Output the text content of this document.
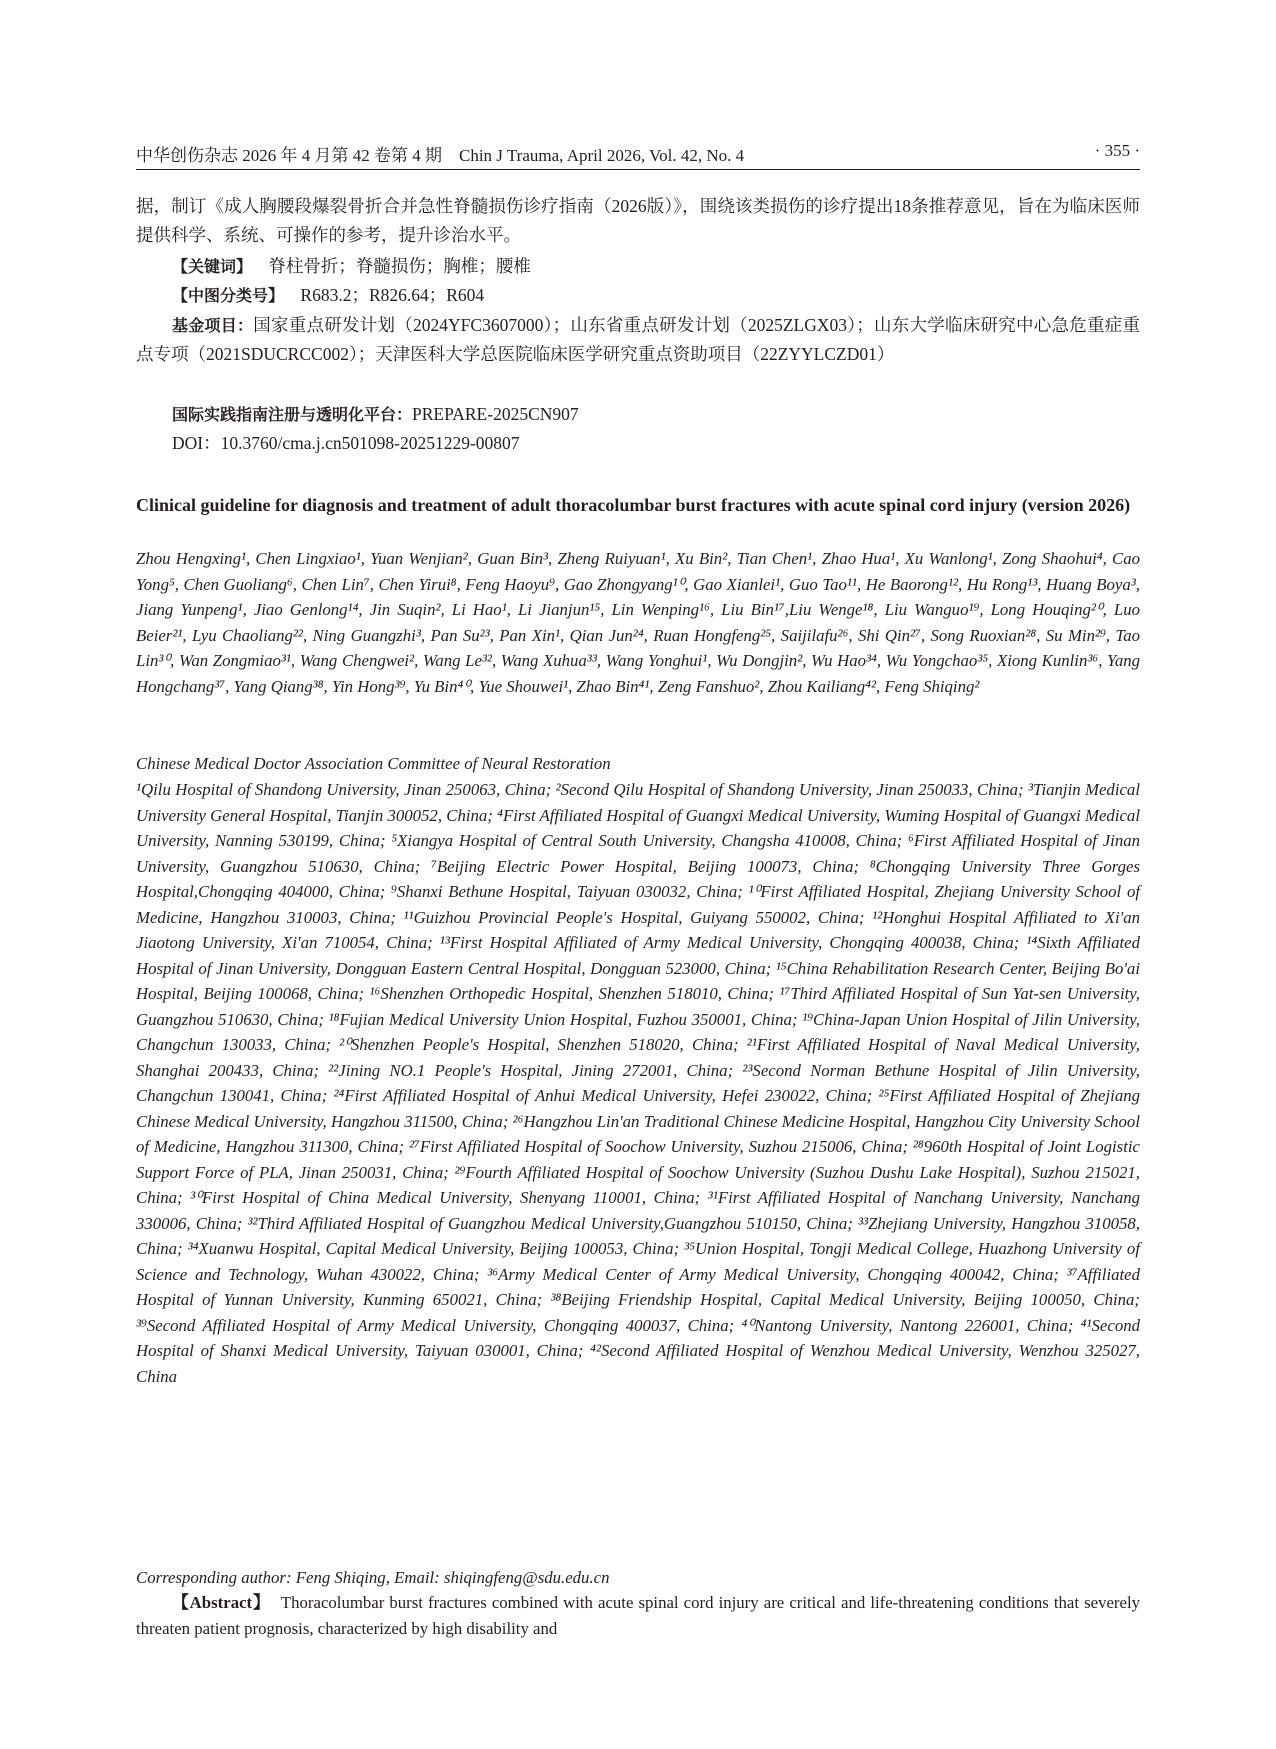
中华创伤杂志 2026 年 4 月第 42 卷第 4 期　Chin J Trauma, April 2026, Vol. 42, No. 4	· 355 ·
据，制订《成人胸腰段爆裂骨折合并急性脊髓损伤诊疗指南（2026版）》，围绕该类损伤的诊疗提出18条推荐意见，旨在为临床医师提供科学、系统、可操作的参考，提升诊治水平。
【关键词】 脊柱骨折；脊髓损伤；胸椎；腰椎
【中图分类号】 R683.2；R826.64；R604
基金项目：国家重点研发计划（2024YFC3607000）；山东省重点研发计划（2025ZLGX03）；山东大学临床研究中心急危重症重点专项（2021SDUCRCC002）；天津医科大学总医院临床医学研究重点资助项目（22ZYYLCZD01）
国际实践指南注册与透明化平台：PREPARE-2025CN907
DOI：10.3760/cma.j.cn501098-20251229-00807
Clinical guideline for diagnosis and treatment of adult thoracolumbar burst fractures with acute spinal cord injury (version 2026)
Zhou Hengxing¹, Chen Lingxiao¹, Yuan Wenjian², Guan Bin³, Zheng Ruiyuan¹, Xu Bin², Tian Chen¹, Zhao Hua¹, Xu Wanlong¹, Zong Shaohui⁴, Cao Yong⁵, Chen Guoliang⁶, Chen Lin⁷, Chen Yirui⁸, Feng Haoyu⁹, Gao Zhongyang¹⁰, Gao Xianlei¹, Guo Tao¹¹, He Baorong¹², Hu Rong¹³, Huang Boya³, Jiang Yunpeng¹, Jiao Genlong¹⁴, Jin Suqin², Li Hao¹, Li Jianjun¹⁵, Lin Wenping¹⁶, Liu Bin¹⁷,Liu Wenge¹⁸, Liu Wanguo¹⁹, Long Houqing²⁰, Luo Beier²¹, Lyu Chaoliang²², Ning Guangzhi³, Pan Su²³, Pan Xin¹, Qian Jun²⁴, Ruan Hongfeng²⁵, Saijilafu²⁶, Shi Qin²⁷, Song Ruoxian²⁸, Su Min²⁹, Tao Lin³⁰, Wan Zongmiao³¹, Wang Chengwei², Wang Le³², Wang Xuhua³³, Wang Yonghui¹, Wu Dongjin², Wu Hao³⁴, Wu Yongchao³⁵, Xiong Kunlin³⁶, Yang Hongchang³⁷, Yang Qiang³⁸, Yin Hong³⁹, Yu Bin⁴⁰, Yue Shouwei¹, Zhao Bin⁴¹, Zeng Fanshuo², Zhou Kailiang⁴², Feng Shiqing²
Chinese Medical Doctor Association Committee of Neural Restoration
¹Qilu Hospital of Shandong University, Jinan 250063, China; ²Second Qilu Hospital of Shandong University, Jinan 250033, China; ³Tianjin Medical University General Hospital, Tianjin 300052, China; ⁴First Affiliated Hospital of Guangxi Medical University, Wuming Hospital of Guangxi Medical University, Nanning 530199, China; ⁵Xiangya Hospital of Central South University, Changsha 410008, China; ⁶First Affiliated Hospital of Jinan University, Guangzhou 510630, China; ⁷Beijing Electric Power Hospital, Beijing 100073, China; ⁸Chongqing University Three Gorges Hospital,Chongqing 404000, China; ⁹Shanxi Bethune Hospital, Taiyuan 030032, China; ¹⁰First Affiliated Hospital, Zhejiang University School of Medicine, Hangzhou 310003, China; ¹¹Guizhou Provincial People's Hospital, Guiyang 550002, China; ¹²Honghui Hospital Affiliated to Xi'an Jiaotong University, Xi'an 710054, China; ¹³First Hospital Affiliated of Army Medical University, Chongqing 400038, China; ¹⁴Sixth Affiliated Hospital of Jinan University, Dongguan Eastern Central Hospital, Dongguan 523000, China; ¹⁵China Rehabilitation Research Center, Beijing Bo'ai Hospital, Beijing 100068, China; ¹⁶Shenzhen Orthopedic Hospital, Shenzhen 518010, China; ¹⁷Third Affiliated Hospital of Sun Yat-sen University, Guangzhou 510630, China; ¹⁸Fujian Medical University Union Hospital, Fuzhou 350001, China; ¹⁹China-Japan Union Hospital of Jilin University, Changchun 130033, China; ²⁰Shenzhen People's Hospital, Shenzhen 518020, China; ²¹First Affiliated Hospital of Naval Medical University, Shanghai 200433, China; ²²Jining NO.1 People's Hospital, Jining 272001, China; ²³Second Norman Bethune Hospital of Jilin University, Changchun 130041, China; ²⁴First Affiliated Hospital of Anhui Medical University, Hefei 230022, China; ²⁵First Affiliated Hospital of Zhejiang Chinese Medical University, Hangzhou 311500, China; ²⁶Hangzhou Lin'an Traditional Chinese Medicine Hospital, Hangzhou City University School of Medicine, Hangzhou 311300, China; ²⁷First Affiliated Hospital of Soochow University, Suzhou 215006, China; ²⁸960th Hospital of Joint Logistic Support Force of PLA, Jinan 250031, China; ²⁹Fourth Affiliated Hospital of Soochow University (Suzhou Dushu Lake Hospital), Suzhou 215021, China; ³⁰First Hospital of China Medical University, Shenyang 110001, China; ³¹First Affiliated Hospital of Nanchang University, Nanchang 330006, China; ³²Third Affiliated Hospital of Guangzhou Medical University,Guangzhou 510150, China; ³³Zhejiang University, Hangzhou 310058, China; ³⁴Xuanwu Hospital, Capital Medical University, Beijing 100053, China; ³⁵Union Hospital, Tongji Medical College, Huazhong University of Science and Technology, Wuhan 430022, China; ³⁶Army Medical Center of Army Medical University, Chongqing 400042, China; ³⁷Affiliated Hospital of Yunnan University, Kunming 650021, China; ³⁸Beijing Friendship Hospital, Capital Medical University, Beijing 100050, China; ³⁹Second Affiliated Hospital of Army Medical University, Chongqing 400037, China; ⁴⁰Nantong University, Nantong 226001, China; ⁴¹Second Hospital of Shanxi Medical University, Taiyuan 030001, China; ⁴²Second Affiliated Hospital of Wenzhou Medical University, Wenzhou 325027, China
Corresponding author: Feng Shiqing, Email: shiqingfeng@sdu.edu.cn
【Abstract】 Thoracolumbar burst fractures combined with acute spinal cord injury are critical and life-threatening conditions that severely threaten patient prognosis, characterized by high disability and
